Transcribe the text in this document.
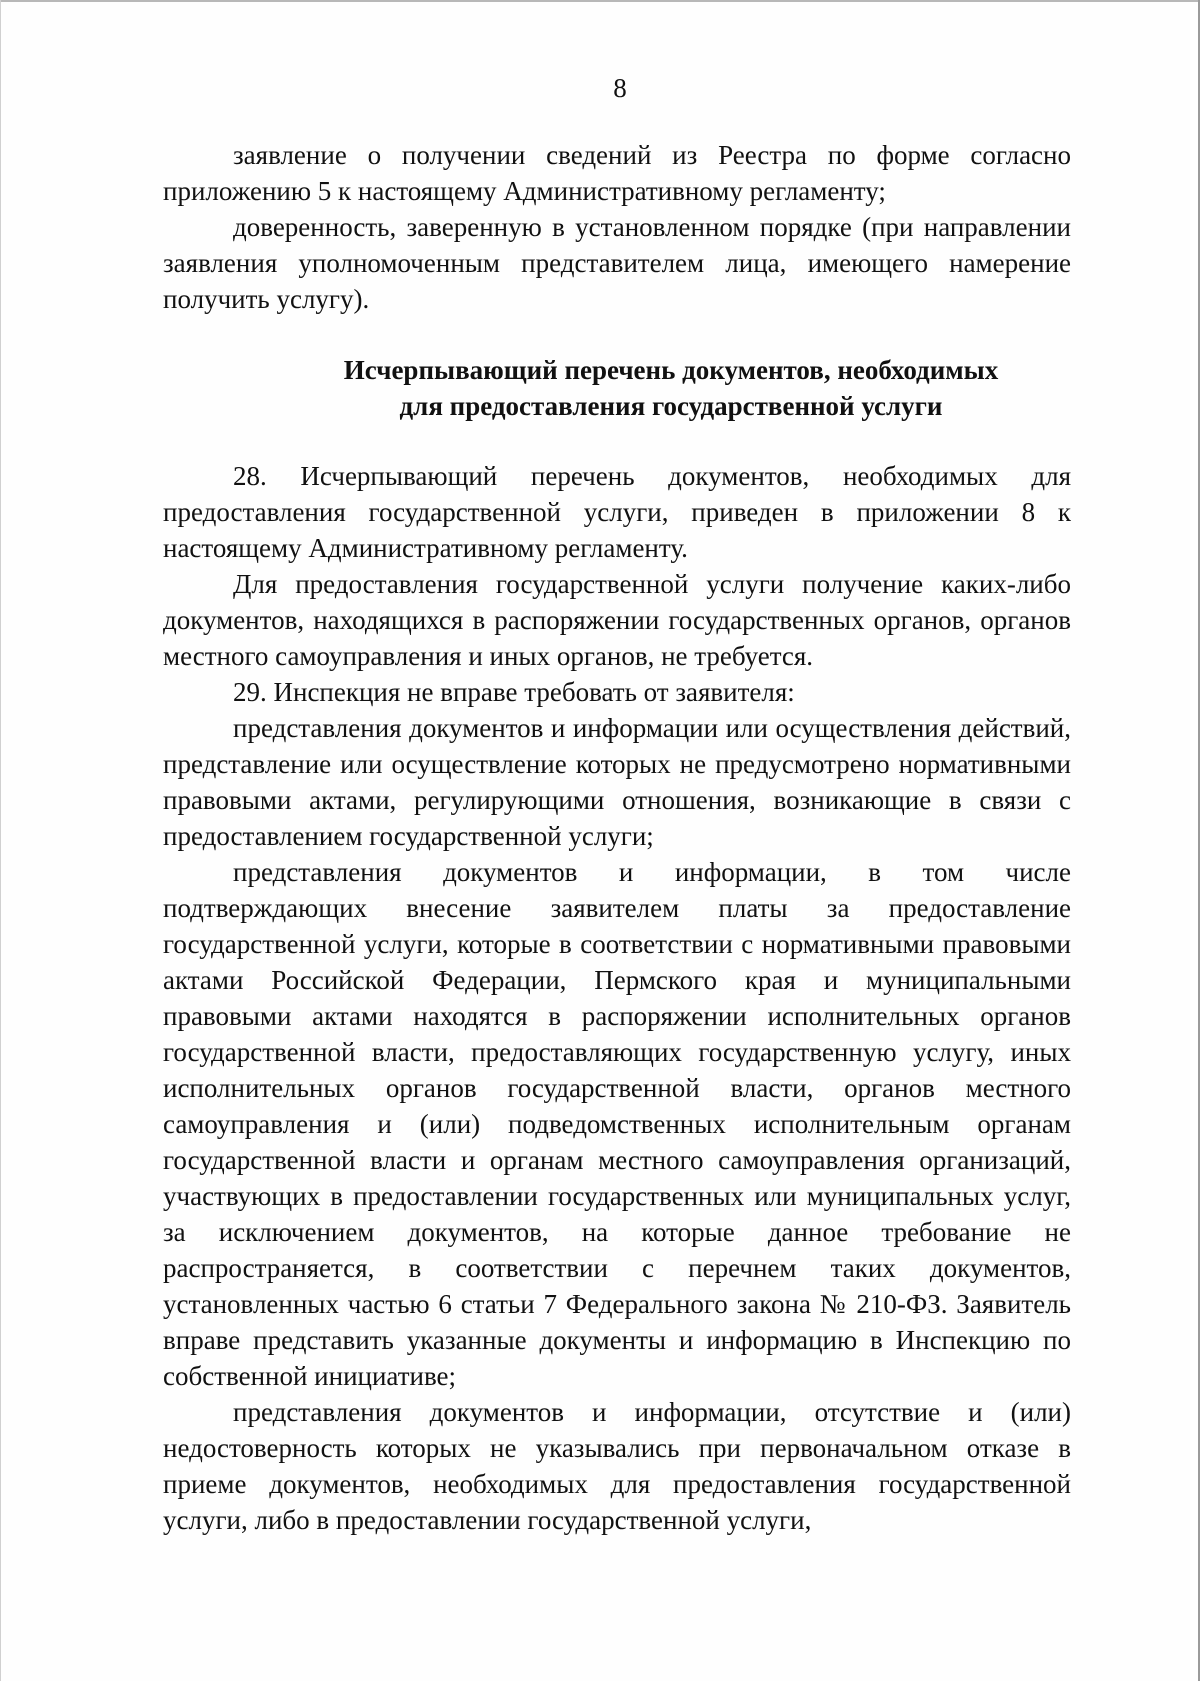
8

заявление о получении сведений из Реестра по форме согласно приложению 5 к настоящему Административному регламенту;

доверенность, заверенную в установленном порядке (при направлении заявления уполномоченным представителем лица, имеющего намерение получить услугу).

Исчерпывающий перечень документов, необходимых
для предоставления государственной услуги

28. Исчерпывающий перечень документов, необходимых для предоставления государственной услуги, приведен в приложении 8 к настоящему Административному регламенту.

Для предоставления государственной услуги получение каких-либо документов, находящихся в распоряжении государственных органов, органов местного самоуправления и иных органов, не требуется.

29. Инспекция не вправе требовать от заявителя:

представления документов и информации или осуществления действий, представление или осуществление которых не предусмотрено нормативными правовыми актами, регулирующими отношения, возникающие в связи с предоставлением государственной услуги;

представления документов и информации, в том числе подтверждающих внесение заявителем платы за предоставление государственной услуги, которые в соответствии с нормативными правовыми актами Российской Федерации, Пермского края и муниципальными правовыми актами находятся в распоряжении исполнительных органов государственной власти, предоставляющих государственную услугу, иных исполнительных органов государственной власти, органов местного самоуправления и (или) подведомственных исполнительным органам государственной власти и органам местного самоуправления организаций, участвующих в предоставлении государственных или муниципальных услуг, за исключением документов, на которые данное требование не распространяется, в соответствии с перечнем таких документов, установленных частью 6 статьи 7 Федерального закона № 210-ФЗ. Заявитель вправе представить указанные документы и информацию в Инспекцию по собственной инициативе;

представления документов и информации, отсутствие и (или) недостоверность которых не указывались при первоначальном отказе в приеме документов, необходимых для предоставления государственной услуги, либо в предоставлении государственной услуги,
